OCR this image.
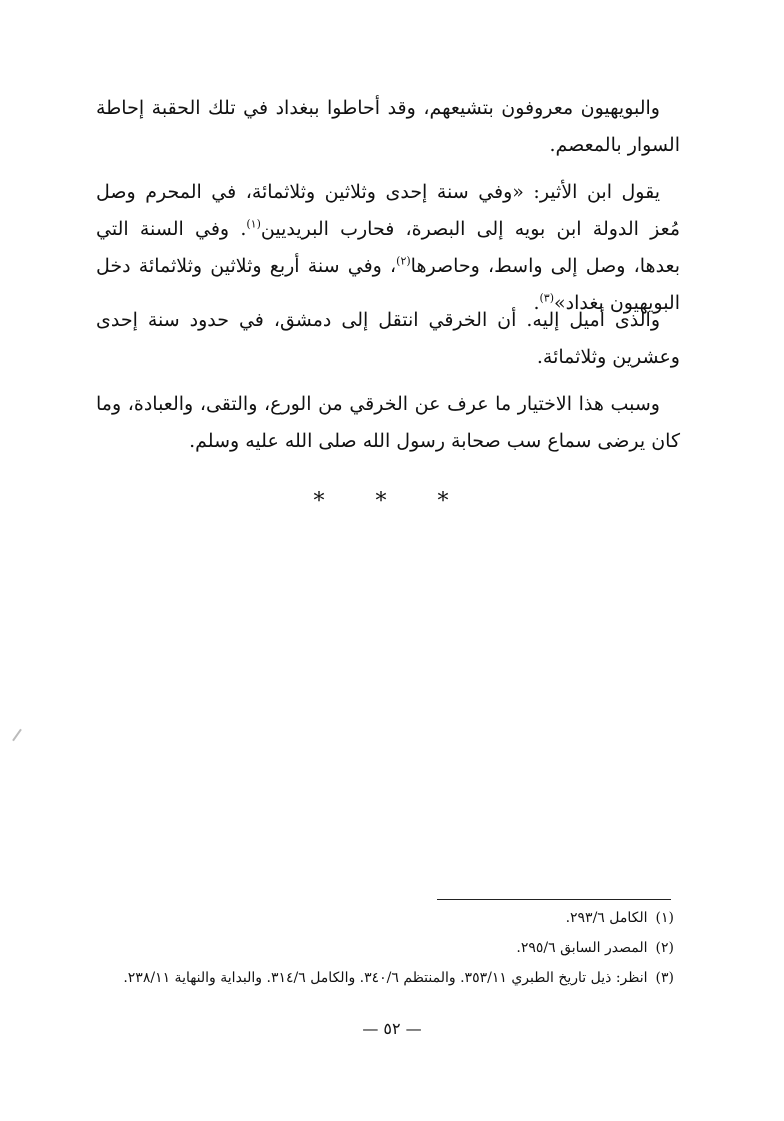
والبويهيون معروفون بتشيعهم، وقد أحاطوا ببغداد في تلك الحقبة إحاطة السوار بالمعصم.

يقول ابن الأثير: «وفي سنة إحدى وثلاثين وثلاثمائة، في المحرم وصل مُعز الدولة ابن بويه إلى البصرة، فحارب البريديين$^{(١)}$. وفي السنة التي بعدها، وصل إلى واسط، وحاصرها$^{(٢)}$، وفي سنة أربع وثلاثين وثلاثمائة دخل البويهيون بغداد»$^{(٣)}$.

والذى أميل إليه. أن الخرقي انتقل إلى دمشق، في حدود سنة إحدى وعشرين وثلاثمائة.

وسبب هذا الاختيار ما عرف عن الخرقي من الورع، والتقى، والعبادة، وما كان يرضى سماع سب صحابة رسول الله صلى الله عليه وسلم.

* * *

(١)الكامل ٢٩٣/٦.

(٢)المصدر السابق ٢٩٥/٦.

(٣)انظر: ذيل تاريخ الطبري ٣٥٣/١١. والمنتظم ٣٤٠/٦. والكامل ٣١٤/٦. والبداية والنهاية ٢٣٨/١١.

— ٥٢ —
